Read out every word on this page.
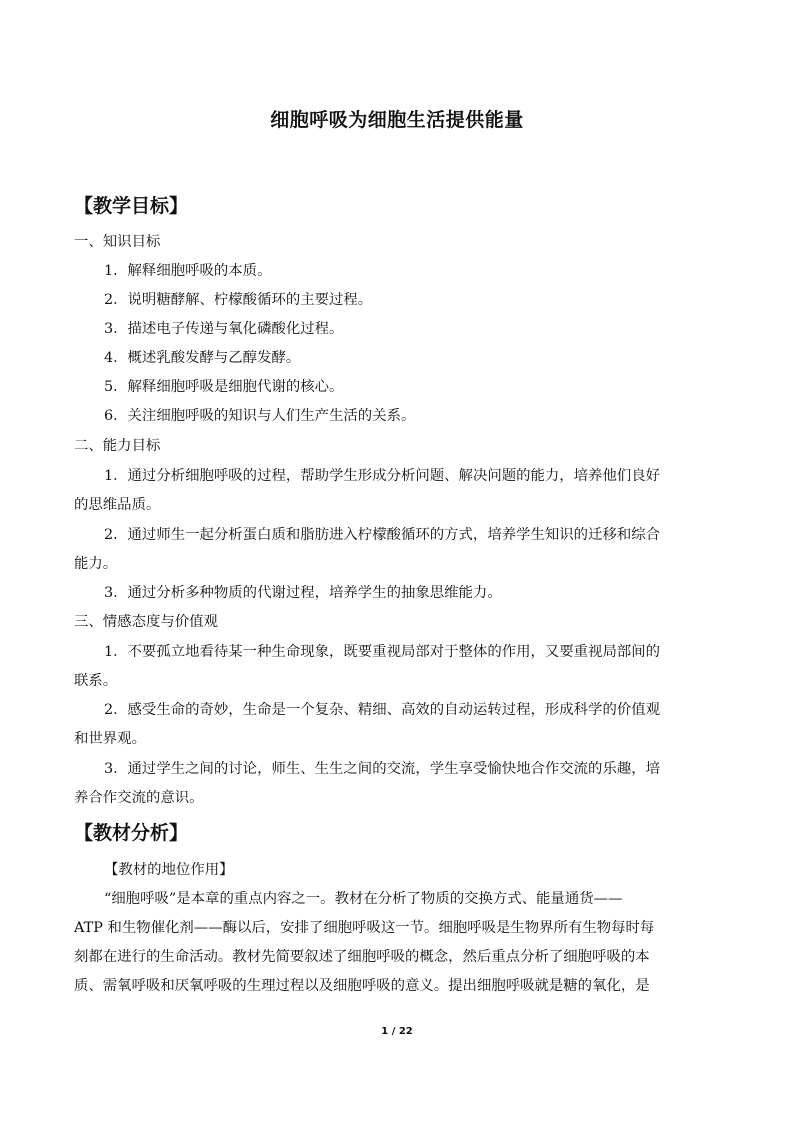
细胞呼吸为细胞生活提供能量
【教学目标】
一、知识目标
1．解释细胞呼吸的本质。
2．说明糖酵解、柠檬酸循环的主要过程。
3．描述电子传递与氧化磷酸化过程。
4．概述乳酸发酵与乙醇发酵。
5．解释细胞呼吸是细胞代谢的核心。
6．关注细胞呼吸的知识与人们生产生活的关系。
二、能力目标
1．通过分析细胞呼吸的过程，帮助学生形成分析问题、解决问题的能力，培养他们良好
的思维品质。
2．通过师生一起分析蛋白质和脂肪进入柠檬酸循环的方式，培养学生知识的迁移和综合
能力。
3．通过分析多种物质的代谢过程，培养学生的抽象思维能力。
三、情感态度与价值观
1．不要孤立地看待某一种生命现象，既要重视局部对于整体的作用，又要重视局部间的
联系。
2．感受生命的奇妙，生命是一个复杂、精细、高效的自动运转过程，形成科学的价值观
和世界观。
3．通过学生之间的讨论，师生、生生之间的交流，学生享受愉快地合作交流的乐趣，培
养合作交流的意识。
【教材分析】
【教材的地位作用】
“细胞呼吸”是本章的重点内容之一。教材在分析了物质的交换方式、能量通货——
ATP 和生物催化剂——酶以后，安排了细胞呼吸这一节。细胞呼吸是生物界所有生物每时每
刻都在进行的生命活动。教材先简要叙述了细胞呼吸的概念，然后重点分析了细胞呼吸的本
质、需氧呼吸和厌氧呼吸的生理过程以及细胞呼吸的意义。提出细胞呼吸就是糖的氧化，是
1 / 22
